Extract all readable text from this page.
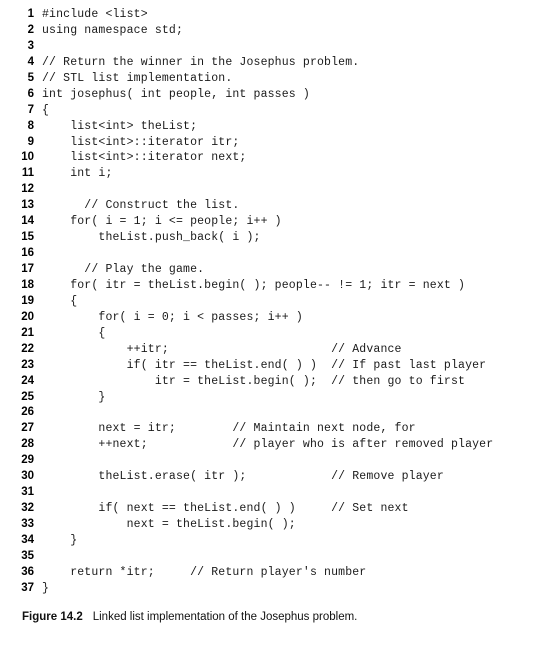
1 #include <list>
2 using namespace std;
3
4 // Return the winner in the Josephus problem.
5 // STL list implementation.
6 int josephus( int people, int passes )
7 {
8 list<int> theList;
9 list<int>::iterator itr;
10 list<int>::iterator next;
11 int i;
12
13 // Construct the list.
14 for( i = 1; i <= people; i++ )
15 theList.push_back( i );
16
17 // Play the game.
18 for( itr = theList.begin( ); people-- != 1; itr = next )
19 {
20 for( i = 0; i < passes; i++ )
21 {
22 ++itr;                       // Advance
23 if( itr == theList.end( ) )  // If past last player
24 itr = theList.begin( );  // then go to first
25 }
26
27 next = itr;        // Maintain next node, for
28 ++next;            // player who is after removed player
29
30 theList.erase( itr );            // Remove player
31
32 if( next == theList.end( ) )     // Set next
33 next = theList.begin( );
34 }
35
36 return *itr;     // Return player's number
37 }
Figure 14.2 Linked list implementation of the Josephus problem.
